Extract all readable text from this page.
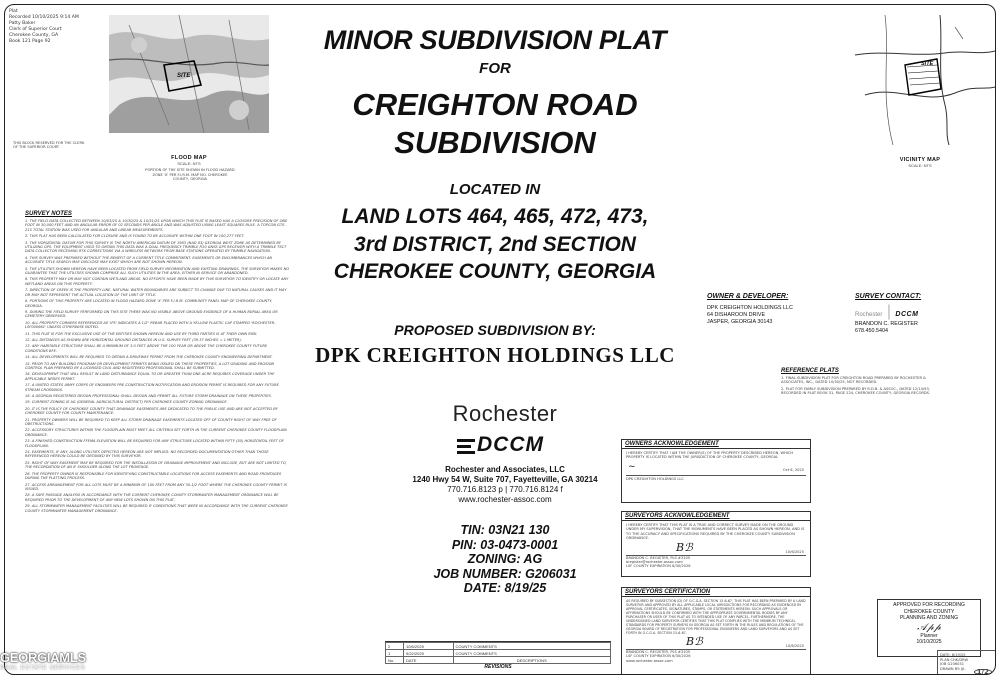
Plat
Recorded 10/10/2025 9:14 AM
Patty Baker
Clerk of Superior Court
Cherokee County, GA
Book 121 Page 92
THIS BLOCK RESERVED FOR THE CLERK OF THE SUPERIOR COURT
SITE
FLOOD MAP
SCALE: NTS
PORTION OF THE SITE SHOWN IN FLOOD HAZARD ZONE 'X' PER F.I.R.M. MAP NO. CHEROKEE COUNTY, GEORGIA
MINOR SUBDIVISION PLAT
FOR
CREIGHTON ROAD
SUBDIVISION
LOCATED IN
LAND LOTS 464, 465, 472, 473,
3rd DISTRICT, 2nd SECTION
CHEROKEE COUNTY, GEORGIA
PROPOSED SUBDIVISION BY:
DPK CREIGHTON HOLDINGS LLC
SITE
VICINITY MAP
SCALE: NTS
SURVEY NOTES
1. THE FIELD DATA COLLECTED BETWEEN 10/03/25 & 10/30/25 & 10/31/25 UPON WHICH THIS PLAT IS BASED HAS A CLOSURE PRECISION OF ONE FOOT IN 30,000 FEET AND AN ANGULAR ERROR OF 02 SECONDS PER ANGLE AND WAS ADJUSTED USING LEAST SQUARES RULE. A TOPCON GTS-215 TOTAL STATION WAS USED FOR ANGULAR AND LINEAR MEASUREMENTS.
2. THIS PLAT HAS BEEN CALCULATED FOR CLOSURE AND IS FOUND TO BE ACCURATE WITHIN ONE FOOT IN 100,277 FEET.
3. THE HORIZONTAL DATUM FOR THIS SURVEY IS THE NORTH AMERICAN DATUM OF 1983 (NAD 83) GEORGIA WEST ZONE AS DETERMINED BY UTILIZING GPS. THE EQUIPMENT USED TO OBTAIN THIS DATA WAS A DUAL FREQUENCY TRIMBLE R10 GNSS GPS RECEIVER WITH A TRIMBLE TSC7 DATA COLLECTOR RECEIVING RTK CORRECTIONS VIA A WIRELESS NETWORK FROM BASE STATIONS OPERATED BY TRIMBLE NAVIGATION.
4. THIS SURVEY WAS PREPARED WITHOUT THE BENEFIT OF A CURRENT TITLE COMMITMENT. EASEMENTS OR ENCUMBRANCES WHICH AN ACCURATE TITLE SEARCH MAY DISCLOSE MAY EXIST WHICH ARE NOT SHOWN HEREON.
5. THE UTILITIES SHOWN HEREON HAVE BEEN LOCATED FROM FIELD SURVEY INFORMATION AND EXISTING DRAWINGS. THE SURVEYOR MAKES NO GUARANTEE THAT THE UTILITIES SHOWN COMPRISE ALL SUCH UTILITIES IN THE AREA, EITHER IN SERVICE OR ABANDONED.
6. THIS PROPERTY MAY OR MAY NOT CONTAIN WETLAND AREAS. NO EFFORTS HAVE BEEN MADE BY THIS SURVEYOR TO IDENTIFY OR LOCATE ANY WETLAND AREAS ON THIS PROPERTY.
7. DIRECTION OF CREEK IS THE PROPERTY LINE. NATURAL WATER BOUNDARIES ARE SUBJECT TO CHANGE DUE TO NATURAL CAUSES AND IT MAY OR MAY NOT REPRESENT THE ACTUAL LOCATION OF THE LIMIT OF TITLE.
8. PORTIONS OF THIS PROPERTY ARE LOCATED IN FLOOD HAZARD ZONE 'X' PER F.I.R.M. COMMUNITY PANEL MAP OF CHEROKEE COUNTY, GEORGIA.
9. DURING THE FIELD SURVEY PERFORMED ON THIS SITE THERE WAS NO VISIBLE ABOVE GROUND EVIDENCE OF A HUMAN BURIAL AREA OR CEMETERY OBSERVED.
10. ALL PROPERTY CORNERS REFERENCED AS 'IPS' INDICATES A 1/2" REBAR PLACED WITH A YELLOW PLASTIC CAP STAMPED 'ROCHESTER-LSF000661' UNLESS OTHERWISE NOTED.
11. THIS PLAT IS FOR THE EXCLUSIVE USE OF THE ENTITIES SHOWN HEREON AND USE BY THIRD PARTIES IS AT THEIR OWN RISK.
12. ALL DISTANCES AS SHOWN ARE HORIZONTAL GROUND DISTANCES IN U.S. SURVEY FEET (39.37 INCHES = 1 METER).
13. ANY HABITABLE STRUCTURE SHALL BE A MINIMUM OF 3.0 FEET ABOVE THE 100 YEAR OR ABOVE THE CHEROKEE COUNTY FUTURE CONDITIONS BFE.
14. ALL DEVELOPMENTS WILL BE REQUIRED TO OBTAIN A DRIVEWAY PERMIT FROM THE CHEROKEE COUNTY ENGINEERING DEPARTMENT.
15. PRIOR TO ANY BUILDING PROGRAM OR DEVELOPMENT PERMITS BEING ISSUED ON THESE PROPERTIES, A LOT GRADING AND EROSION CONTROL PLAN PREPARED BY A LICENSED CIVIL AND REGISTERED PROFESSIONAL SHALL BE SUBMITTED.
16. DEVELOPMENT THAT WILL RESULT IN LAND DISTURBANCE EQUAL TO OR GREATER THAN ONE ACRE REQUIRES COVERAGE UNDER THE APPLICABLE NPDES PERMIT.
17. A UNITED STATES ARMY CORPS OF ENGINEERS PRE-CONSTRUCTION NOTIFICATION AND EROSION PERMIT IS REQUIRED FOR ANY FUTURE STREAM CROSSINGS.
18. A GEORGIA REGISTERED DESIGN PROFESSIONAL SHALL DESIGN AND PERMIT ALL FUTURE STORM DRAINAGE ON THESE PROPERTIES.
19. CURRENT ZONING IS AG (GENERAL AGRICULTURAL DISTRICT) PER CHEROKEE COUNTY ZONING ORDINANCE.
20. IT IS THE POLICY OF CHEROKEE COUNTY THAT DRAINAGE EASEMENTS ARE DEDICATED TO THE PUBLIC USE AND ARE NOT ACCEPTED BY CHEROKEE COUNTY FOR COUNTY MAINTENANCE.
21. PROPERTY OWNERS WILL BE REQUIRED TO KEEP ALL STORM DRAINAGE EASEMENTS LOCATED OFF OF COUNTY RIGHT OF WAY FREE OF OBSTRUCTIONS.
22. ACCESSORY STRUCTURES WITHIN THE FLOODPLAIN MUST MEET ALL CRITERIA SET FORTH IN THE CURRENT CHEROKEE COUNTY FLOODPLAIN ORDINANCE.
23. A FINISHED CONSTRUCTION FFEMA ELEVATION WILL BE REQUIRED FOR ANY STRUCTURE LOCATED WITHIN FIFTY (50) HORIZONTAL FEET OF FLOODPLAIN.
24. EASEMENTS, IF ANY, ALONG UTILITIES DEPICTED HEREON ARE NOT IMPLIED. NO RECORDED DOCUMENTATION OTHER THAN THOSE REFERENCED HEREON COULD BE OBTAINED BY THIS SURVEYOR.
25. RIGHT OF WAY EASEMENT MAY BE REQUIRED FOR THE INSTALLATION OF DRAINAGE IMPROVEMENT AND INCLUDE, BUT ARE NOT LIMITED TO, THE RECORDATION OF AN 8' SHOULDER ALONG THE LOT FRONTAGE.
26. THE PROPERTY OWNER IS RESPONSIBLE FOR IDENTIFYING CONSTRUCTABLE LOCATIONS FOR ACCESS EASEMENTS AND ROAD FRONTAGES DURING THE PLATTING PROCESS.
27. ACCESS ARRANGEMENT FOR ALL LOTS MUST BE A MINIMUM OF 100 FEET FROM ANY 30-1/2 FOOT WHERE THE CHEROKEE COUNTY PERMIT IS ISSUED.
28. A SAFE PASSAGE ANALYSIS IN ACCORDANCE WITH THE CURRENT CHEROKEE COUNTY STORMWATER MANAGEMENT ORDINANCE WILL BE REQUIRED PRIOR TO THE DEVELOPMENT OF ANY NEW LOTS SHOWN ON THIS PLAT.
29. ALL STORMWATER MANAGEMENT FACILITIES WILL BE REQUIRED IF CONDITIONS THAT WERE IN ACCORDANCE WITH THE CURRENT CHEROKEE COUNTY STORMWATER MANAGEMENT ORDINANCE.
OWNER & DEVELOPER:
DPK CREIGHTON HOLDINGS LLC
64 DISHAROON DRIVE
JASPER, GEORGIA 30143
SURVEY CONTACT:
Rochester | DCCM
BRANDON C. REGISTER
678.450.5404
REFERENCE PLATS
1. FINAL SUBDIVISION PLAT FOR CREIGHTON ROAD PREPARED BY ROCHESTER & ASSOCIATES, INC., DATED 10/30/25, NOT RECORDED.
2. PLAT FOR FAMILY SUBDIVISION PREPARED BY R.D.B. & ASSOC., DATED 12/14/93, RECORDED IN PLAT BOOK 31, PAGE 224, CHEROKEE COUNTY, GEORGIA RECORDS.
Rochester
DCCM
Rochester and Associates, LLC
1240 Hwy 54 W, Suite 707, Fayetteville, GA 30214
770.716.8123 p | 770.716.8124 f
www.rochester-assoc.com
TIN: 03N21 130
PIN: 03-0473-0001
ZONING: AG
JOB NUMBER: G206031
DATE: 8/19/25
OWNERS ACKNOWLEDGEMENT
I HEREBY CERTIFY THAT I AM THE OWNER(S) OF THE PROPERTY DESCRIBED HEREON, WHICH PROPERTY IS LOCATED WITHIN THE JURISDICTION OF CHEROKEE COUNTY, GEORGIA.
~	Oct 6, 2025
DPK CREIGHTON HOLDINGS LLC
SURVEYORS ACKNOWLEDGEMENT
I HEREBY CERTIFY THAT THIS PLAT IS A TRUE AND CORRECT SURVEY MADE ON THE GROUND UNDER MY SUPERVISION, THAT THE MONUMENTS HAVE BEEN PLACED AS SHOWN HEREON, AND IS TO THE ACCURACY AND SPECIFICATIONS REQUIRED BY THE CHEROKEE COUNTY SUBDIVISION ORDINANCE.
Bℬ	10/6/2025
BRANDON C. REGISTER, PLS #3105
bregister@rochester-assoc.com
LSF COUNTY EXPIRATION 6/30/2026
SURVEYORS CERTIFICATION
AS REQUIRED BY SUBSECTION (D) OF O.C.G.A. SECTION 15-6-67, THIS PLAT HAS BEEN PREPARED BY A LAND SURVEYOR AND APPROVED BY ALL APPLICABLE LOCAL JURISDICTIONS FOR RECORDING AS EVIDENCED BY APPROVAL CERTIFICATES, SIGNATURES, STAMPS, OR STATEMENTS HEREON. SUCH APPROVALS OR AFFIRMATIONS SHOULD BE CONFIRMED WITH THE APPROPRIATE GOVERNMENTAL BODIES BY ANY PURCHASER OR USER OF THIS PLAT AS TO INTENDED USE OF ANY PARCEL. FURTHERMORE, THE UNDERSIGNED LAND SURVEYOR CERTIFIES THAT THIS PLAT COMPLIES WITH THE MINIMUM TECHNICAL STANDARDS FOR PROPERTY SURVEYS IN GEORGIA AS SET FORTH IN THE RULES AND REGULATIONS OF THE GEORGIA BOARD OF REGISTRATION FOR PROFESSIONAL ENGINEERS AND LAND SURVEYORS AND AS SET FORTH IN O.C.G.A. SECTION 15-6-67.
Bℬ	10/6/2025
BRANDON C. REGISTER, PLS #3105
LSF COUNTY EXPIRATION 6/30/2026
www.rochester-assoc.com
APPROVED FOR RECORDING
CHEROKEE COUNTY
PLANNING AND ZONING
𝒜𝓅𝓅
Planner
10/10/2025
2	10/6/2025	COUNTY COMMENTS
1	9/22/2025	COUNTY COMMENTS
No.	DATE	DESCRIPTIONS
REVISIONS
DATE: 8/19/25
PLAN CHK/DRW
JOB G206031
DRAWN BY: JJL	1/2
GEORGIAMLS
REAL ESTATE SERVICES
